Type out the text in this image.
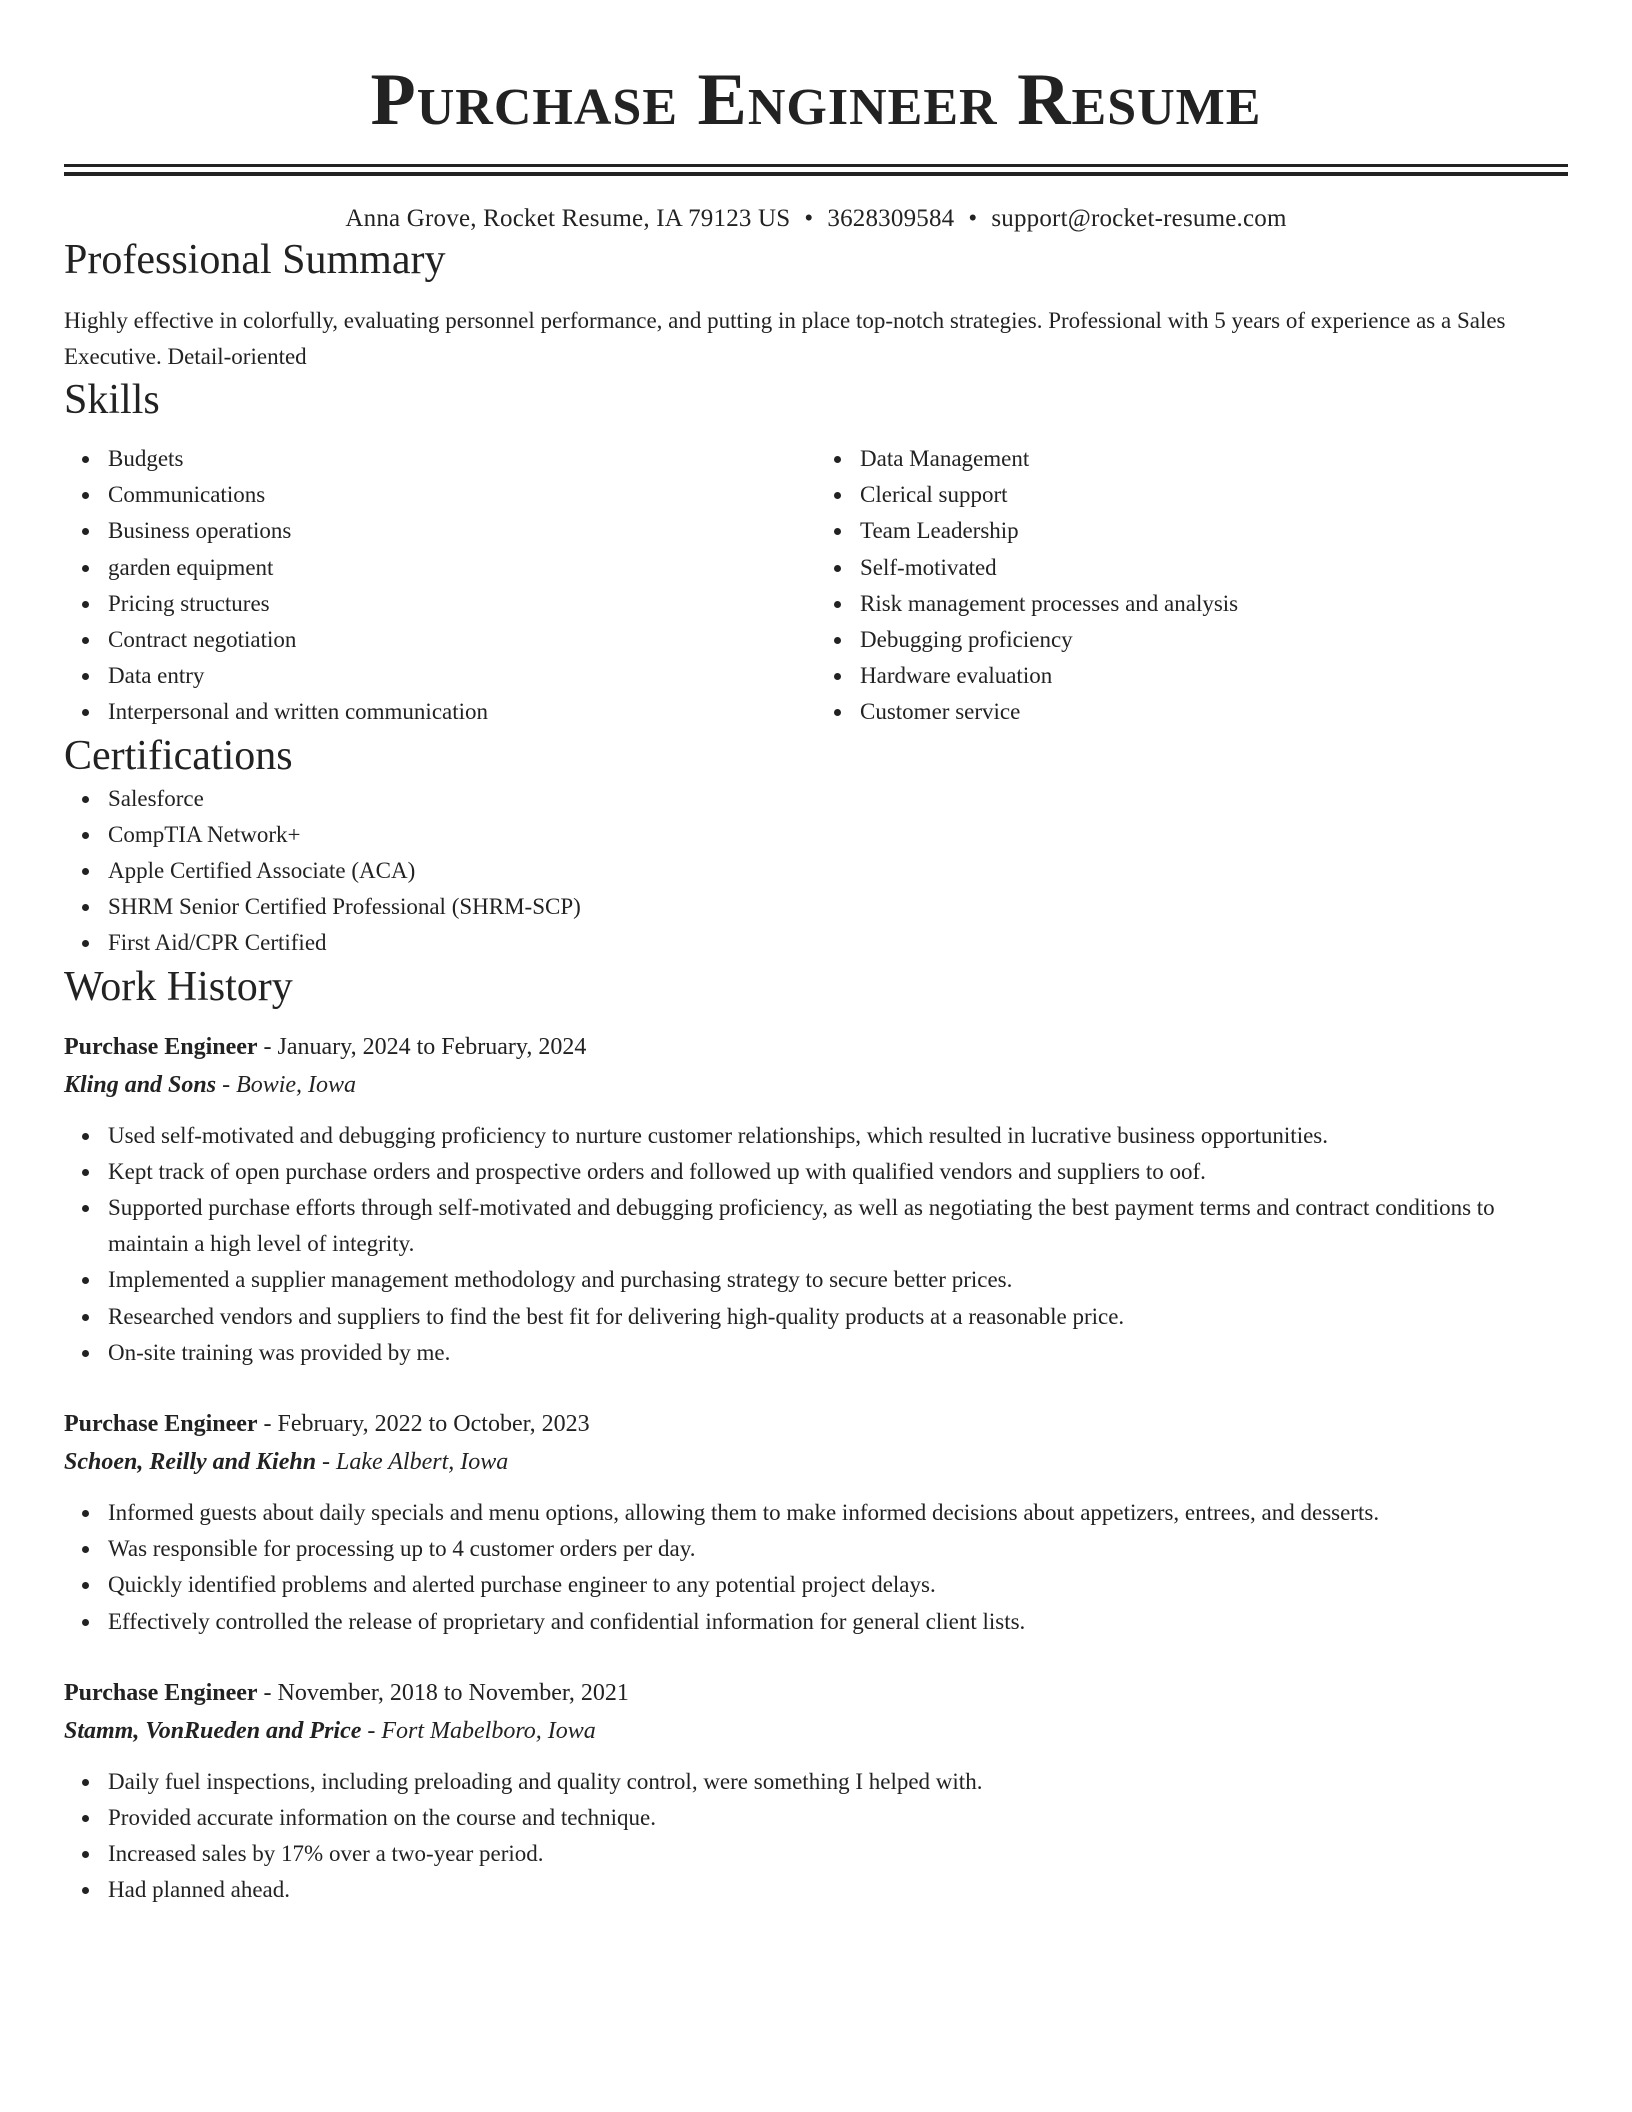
Purchase Engineer Resume
Anna Grove, Rocket Resume, IA 79123 US • 3628309584 • support@rocket-resume.com
Professional Summary

Highly effective in colorfully, evaluating personnel performance, and putting in place top-notch strategies. Professional with 5 years of experience as a Sales Executive. Detail-oriented

Skills
Budgets
Communications
Business operations
garden equipment
Pricing structures
Contract negotiation
Data entry
Interpersonal and written communication
Data Management
Clerical support
Team Leadership
Self-motivated
Risk management processes and analysis
Debugging proficiency
Hardware evaluation
Customer service
Certifications
Salesforce
CompTIA Network+
Apple Certified Associate (ACA)
SHRM Senior Certified Professional (SHRM-SCP)
First Aid/CPR Certified
Work History
Purchase Engineer - January, 2024 to February, 2024
Kling and Sons - Bowie, Iowa
Used self-motivated and debugging proficiency to nurture customer relationships, which resulted in lucrative business opportunities.
Kept track of open purchase orders and prospective orders and followed up with qualified vendors and suppliers to oof.
Supported purchase efforts through self-motivated and debugging proficiency, as well as negotiating the best payment terms and contract conditions to maintain a high level of integrity.
Implemented a supplier management methodology and purchasing strategy to secure better prices.
Researched vendors and suppliers to find the best fit for delivering high-quality products at a reasonable price.
On-site training was provided by me.
Purchase Engineer - February, 2022 to October, 2023
Schoen, Reilly and Kiehn - Lake Albert, Iowa
Informed guests about daily specials and menu options, allowing them to make informed decisions about appetizers, entrees, and desserts.
Was responsible for processing up to 4 customer orders per day.
Quickly identified problems and alerted purchase engineer to any potential project delays.
Effectively controlled the release of proprietary and confidential information for general client lists.
Purchase Engineer - November, 2018 to November, 2021
Stamm, VonRueden and Price - Fort Mabelboro, Iowa
Daily fuel inspections, including preloading and quality control, were something I helped with.
Provided accurate information on the course and technique.
Increased sales by 17% over a two-year period.
Had planned ahead.
